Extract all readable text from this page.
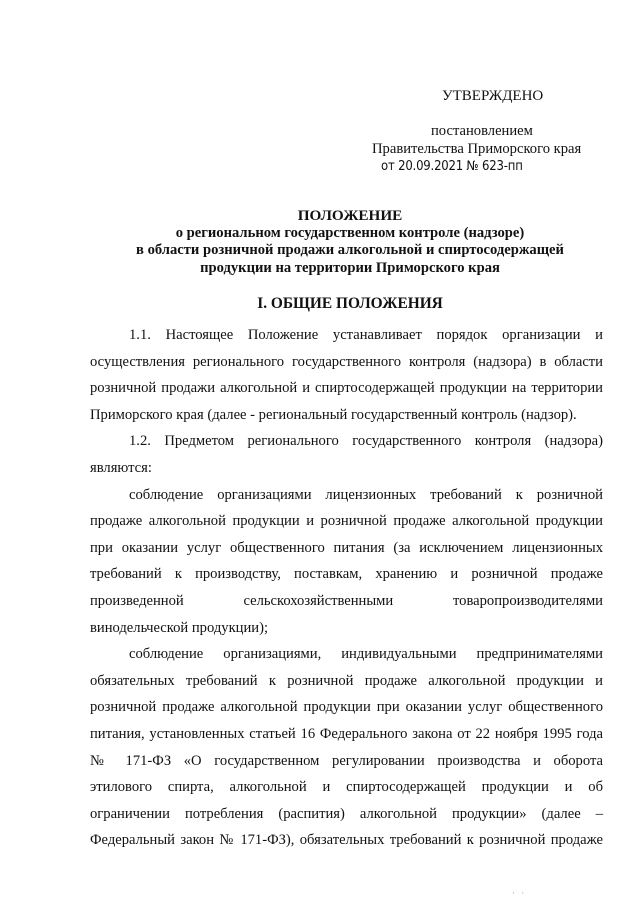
УТВЕРЖДЕНО
постановлением
Правительства Приморского края
от 20.09.2021 № 623-пп
ПОЛОЖЕНИЕ
о региональном государственном контроле (надзоре)
в области розничной продажи алкогольной и спиртосодержащей
продукции на территории Приморского края
I. ОБЩИЕ ПОЛОЖЕНИЯ
1.1. Настоящее Положение устанавливает порядок организации и
осуществления регионального государственного контроля (надзора) в области
розничной продажи алкогольной и спиртосодержащей продукции на территории
Приморского края (далее - региональный государственный контроль (надзор).
1.2. Предметом регионального государственного контроля (надзора)
являются:
соблюдение организациями лицензионных требований к розничной
продаже алкогольной продукции и розничной продаже алкогольной продукции
при оказании услуг общественного питания (за исключением лицензионных
требований к производству, поставкам, хранению и розничной продаже
произведенной сельскохозяйственными товаропроизводителями
винодельческой продукции);
соблюдение организациями, индивидуальными предпринимателями
обязательных требований к розничной продаже алкогольной продукции и
розничной продаже алкогольной продукции при оказании услуг общественного
питания, установленных статьей 16 Федерального закона от 22 ноября 1995 года
№ 171-ФЗ «О государственном регулировании производства и оборота
этилового спирта, алкогольной и спиртосодержащей продукции и об
ограничении потребления (распития) алкогольной продукции» (далее –
Федеральный закон № 171-ФЗ), обязательных требований к розничной продаже
· ·
